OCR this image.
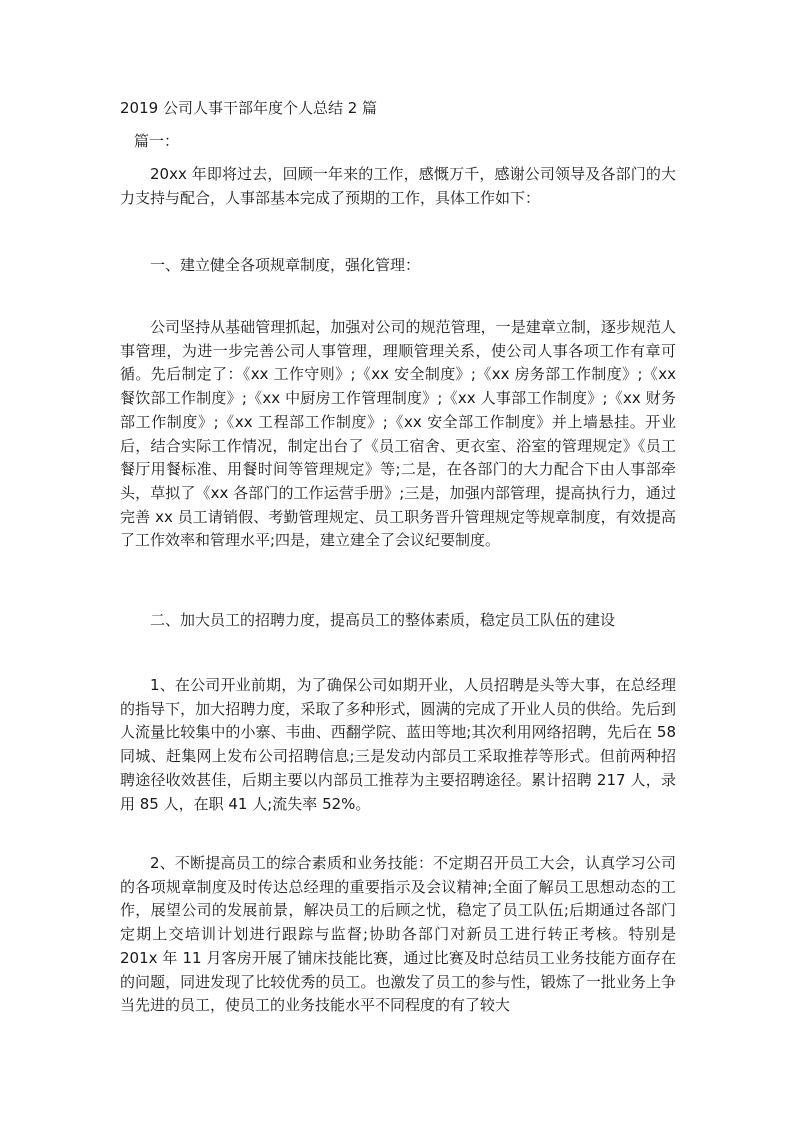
2019 公司人事干部年度个人总结 2 篇
篇一：

20xx 年即将过去，回顾一年来的工作，感慨万千，感谢公司领导及各部门的大力支持与配合，人事部基本完成了预期的工作，具体工作如下：

一、建立健全各项规章制度，强化管理：

公司坚持从基础管理抓起，加强对公司的规范管理，一是建章立制，逐步规范人事管理，为进一步完善公司人事管理，理顺管理关系，使公司人事各项工作有章可循。先后制定了：《xx 工作守则》;《xx 安全制度》;《xx 房务部工作制度》;《xx 餐饮部工作制度》;《xx 中厨房工作管理制度》;《xx 人事部工作制度》;《xx 财务部工作制度》;《xx 工程部工作制度》;《xx 安全部工作制度》并上墙悬挂。开业后，结合实际工作情况，制定出台了《员工宿舍、更衣室、浴室的管理规定》《员工餐厅用餐标准、用餐时间等管理规定》等;二是，在各部门的大力配合下由人事部牵头，草拟了《xx 各部门的工作运营手册》;三是，加强内部管理，提高执行力，通过完善 xx 员工请销假、考勤管理规定、员工职务晋升管理规定等规章制度，有效提高了工作效率和管理水平;四是，建立建全了会议纪要制度。

二、加大员工的招聘力度，提高员工的整体素质，稳定员工队伍的建设

1、在公司开业前期，为了确保公司如期开业，人员招聘是头等大事，在总经理的指导下，加大招聘力度，采取了多种形式，圆满的完成了开业人员的供给。先后到人流量比较集中的小寨、韦曲、西翻学院、蓝田等地;其次利用网络招聘，先后在 58 同城、赶集网上发布公司招聘信息;三是发动内部员工采取推荐等形式。但前两种招聘途径收效甚佳，后期主要以内部员工推荐为主要招聘途径。累计招聘 217 人，录用 85 人，在职 41 人;流失率 52%。

2、不断提高员工的综合素质和业务技能：不定期召开员工大会，认真学习公司的各项规章制度及时传达总经理的重要指示及会议精神;全面了解员工思想动态的工作，展望公司的发展前景，解决员工的后顾之忧，稳定了员工队伍;后期通过各部门定期上交培训计划进行跟踪与监督;协助各部门对新员工进行转正考核。特别是 201x 年 11 月客房开展了铺床技能比赛，通过比赛及时总结员工业务技能方面存在的问题，同进发现了比较优秀的员工。也激发了员工的参与性，锻炼了一批业务上争当先进的员工，使员工的业务技能水平不同程度的有了较大
